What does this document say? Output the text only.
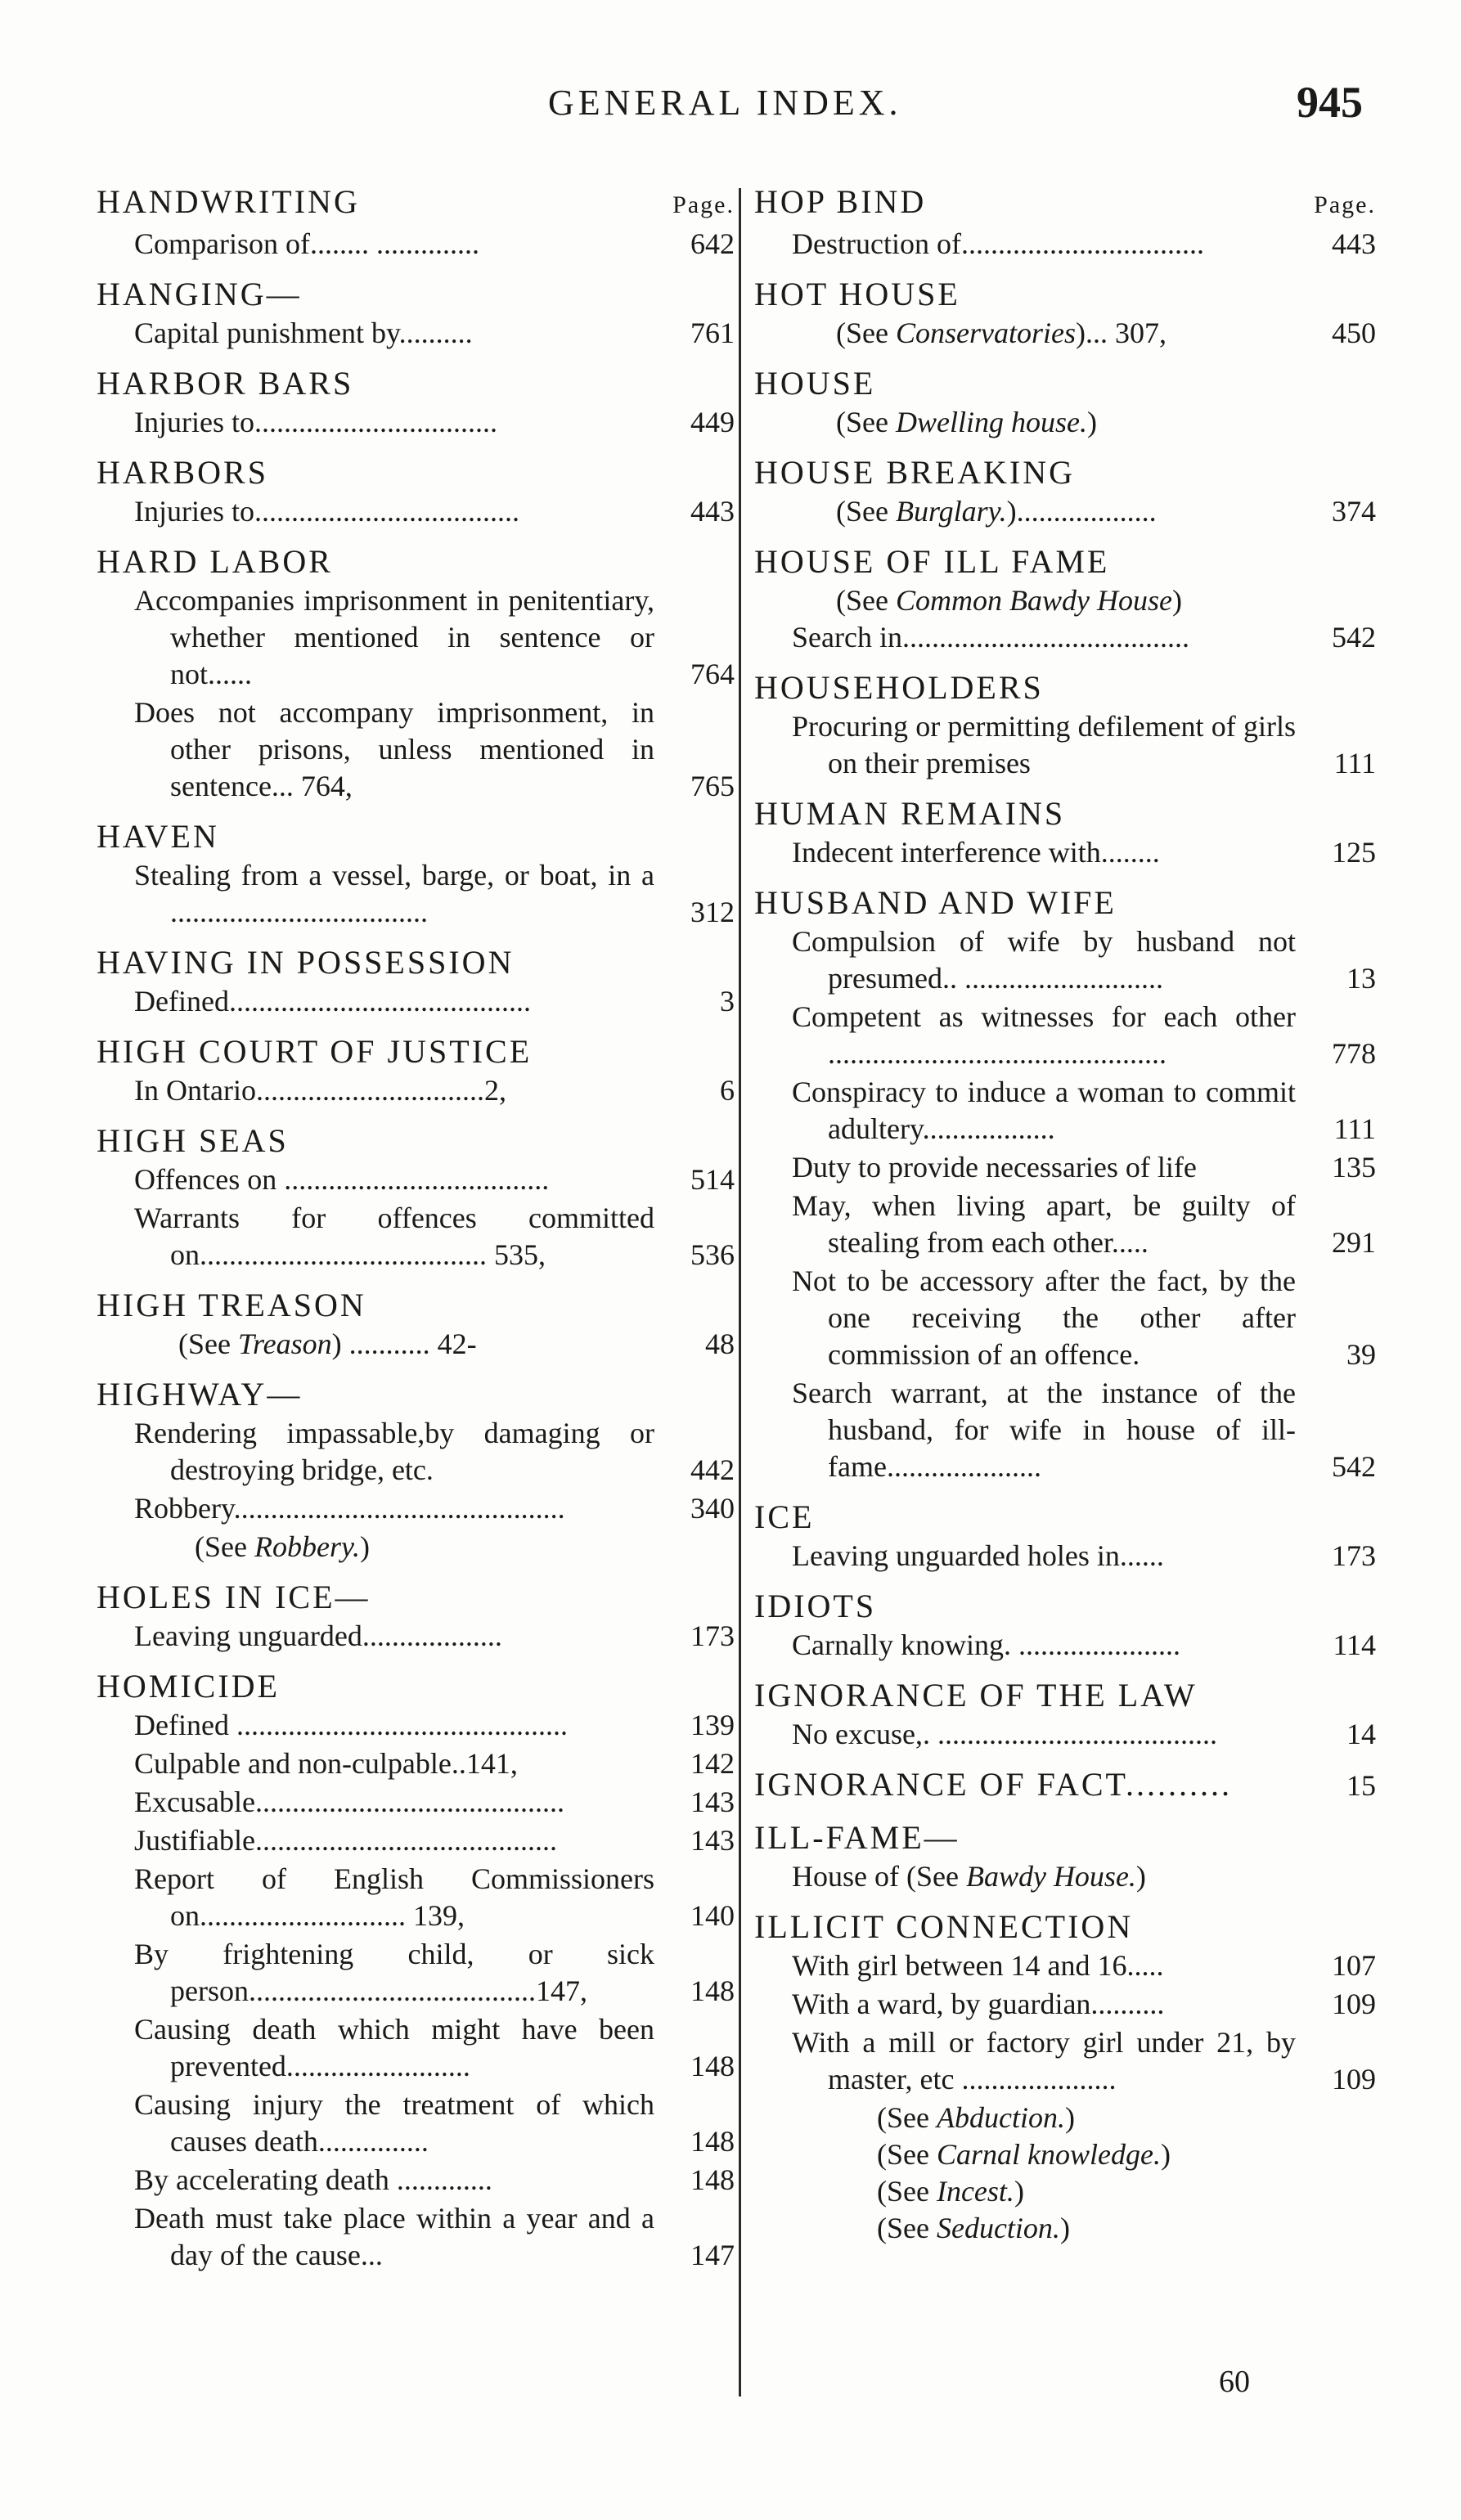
GENERAL INDEX.	945
HANDWRITING	Page.
Comparison of........ ..............	642
HANGING—
Capital punishment by..........	761
HARBOR BARS
Injuries to.................................	449
HARBORS
Injuries to....................................	443
HARD LABOR
Accompanies imprisonment in penitentiary, whether mentioned in sentence or not......	764
Does not accompany imprisonment, in other prisons, unless mentioned in sentence... 764,	765
HAVEN
Stealing from a vessel, barge, or boat, in a ...................................	312
HAVING IN POSSESSION
Defined.........................................	3
HIGH COURT OF JUSTICE
In Ontario...............................2,	6
HIGH SEAS
Offences on ....................................	514
Warrants for offences committed on....................................... 535,	536
HIGH TREASON
(See Treason) ........... 42-	48
HIGHWAY—
Rendering impassable,by damaging or destroying bridge, etc.	442
Robbery.............................................	340
(See Robbery.)
HOLES IN ICE—
Leaving unguarded...................	173
HOMICIDE
Defined .............................................	139
Culpable and non-culpable..141,	142
Excusable..........................................	143
Justifiable.........................................	143
Report of English Commissioners on............................ 139,	140
By frightening child, or sick person.......................................147,	148
Causing death which might have been prevented.........................	148
Causing injury the treatment of which causes death...............	148
By accelerating death .............	148
Death must take place within a year and a day of the cause...	147
HOP BIND	Page.
Destruction of.................................	443
HOT HOUSE
(See Conservatories)... 307,	450
HOUSE
(See Dwelling house.)
HOUSE BREAKING
(See Burglary.)...................	374
HOUSE OF ILL FAME
(See Common Bawdy House)
Search in.......................................	542
HOUSEHOLDERS
Procuring or permitting defilement of girls on their premises	111
HUMAN REMAINS
Indecent interference with........	125
HUSBAND AND WIFE
Compulsion of wife by husband not presumed.. ...........................	13
Competent as witnesses for each other ..............................................	778
Conspiracy to induce a woman to commit adultery..................	111
Duty to provide necessaries of life	135
May, when living apart, be guilty of stealing from each other.....	291
Not to be accessory after the fact, by the one receiving the other after commission of an offence.	39
Search warrant, at the instance of the husband, for wife in house of ill-fame.....................	542
ICE
Leaving unguarded holes in......	173
IDIOTS
Carnally knowing. ......................	114
IGNORANCE OF THE LAW
No excuse,. ......................................	14
IGNORANCE OF FACT..........	15
ILL-FAME—
House of (See Bawdy House.)
ILLICIT CONNECTION
With girl between 14 and 16.....	107
With a ward, by guardian..........	109
With a mill or factory girl under 21, by master, etc .....................	109
(See Abduction.)
(See Carnal knowledge.)
(See Incest.)
(See Seduction.)
60
